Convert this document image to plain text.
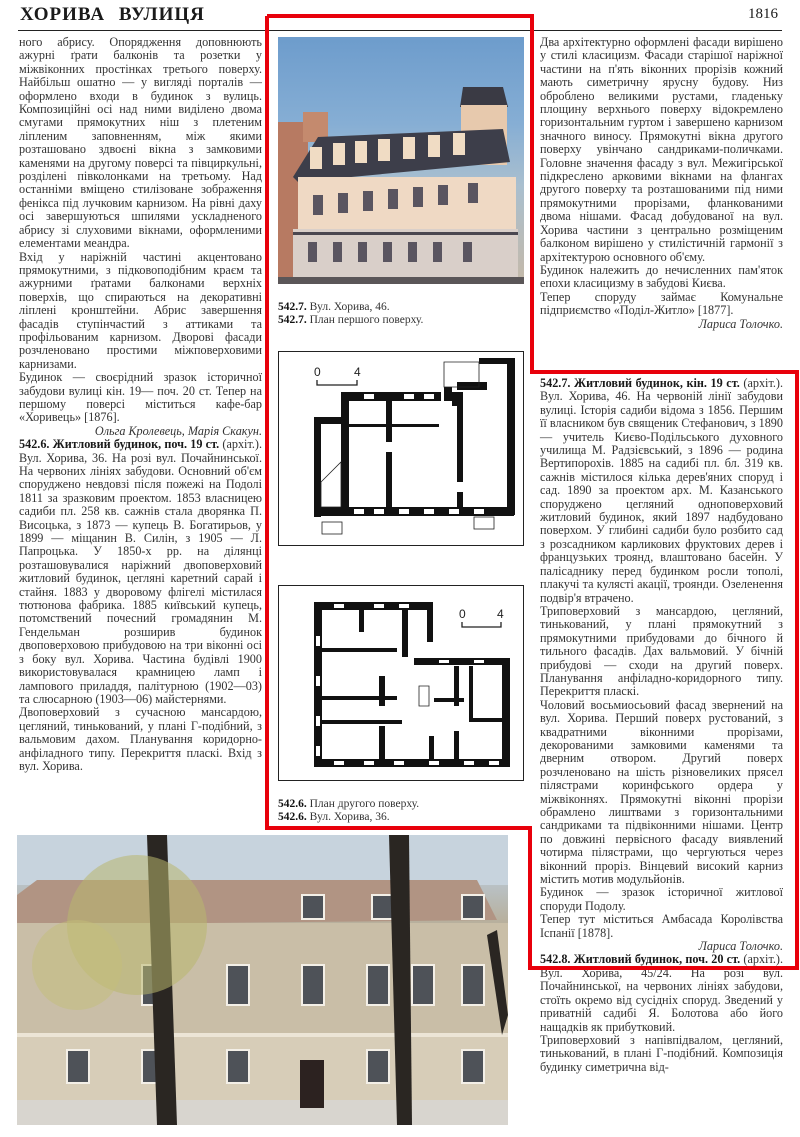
ХОРИВА ВУЛИЦЯ	1816

ного абрису. Опорядження доповнюють ажурні ґрати балконів та розетки у міжвіконних простінках третього поверху. Найбільш ошатно — у вигляді порталів — оформлено входи в будинок з вулиць. Композиційні осі над ними виділено двома смугами прямокутних ніш з плетеним ліпленим заповненням, між якими розташовано здвоєні вікна з замковими каменями на другому поверсі та півциркульні, розділені півколонками на третьому. Над останніми вміщено стилізоване зображення фенікса під лучковим карнизом. На рівні даху осі завершуються шпилями ускладненого абрису зі слуховими вікнами, оформленими елементами меандра.

Вхід у наріжній частині акцентовано прямокутними, з підковоподібним краєм та ажурними ґратами балконами верхніх поверхів, що спираються на декоративні ліплені кронштейни. Абрис завершення фасадів ступінчастий з аттиками та профільованим карнизом. Дворові фасади розчленовано простими міжповерховими карнизами.

Будинок — своєрідний зразок історичної забудови вулиці кін. 19— поч. 20 ст. Тепер на першому поверсі міститься кафе-бар «Хоривець» [1876].

Ольга Кролевець, Марія Скакун.

542.6. Житловий будинок, поч. 19 ст. (архіт.). Вул. Хорива, 36. На розі вул. Почайнинської. На червоних лініях забудови. Основний об'єм споруджено невдовзі після пожежі на Подолі 1811 за зразковим проектом. 1853 власницею садиби пл. 258 кв. сажнів стала дворянка П. Висоцька, з 1873 — купець В. Богатирьов, у 1899 — міщанин В. Силін, з 1905 — Л. Папроцька. У 1850-х рр. на ділянці розташовувалися наріжний двоповерховий житловий будинок, цегляні каретний сарай і стайня. 1883 у дворовому флігелі містилася тютюнова фабрика. 1885 київський купець, потомствений почесний громадянин М. Гендельман розширив будинок двоповерховою прибудовою на три віконні осі з боку вул. Хорива. Частина будівлі 1900 використовувалася крамницею ламп і лампового приладдя, палітурною (1902—03) та слюсарною (1903—06) майстернями.

Двоповерховий з сучасною мансардою, цегляний, тинькований, у плані Г-подібний, з вальмовим дахом. Планування коридорно-анфіладного типу. Перекриття пласкі. Вхід з вул. Хорива.

542.7. Вул. Хорива, 46.
542.7. План першого поверху.
0	4
0	4
542.6. План другого поверху.
542.6. Вул. Хорива, 36.

Два архітектурно оформлені фасади вирішено у стилі класицизм. Фасади старішої наріжної частини на п'ять віконних прорізів кожний мають симетричну ярусну будову. Низ оброблено великими рустами, гладеньку площину верхнього поверху відокремлено горизонтальним гуртом і завершено карнизом значного виносу. Прямокутні вікна другого поверху увінчано сандриками-поличками. Головне значення фасаду з вул. Межигірської підкреслено арковими вікнами на флангах другого поверху та розташованими під ними прямокутними прорізами, фланкованими двома нішами. Фасад добудованої на вул. Хорива частини з центрально розміщеним балконом вирішено у стилістичній гармонії з архітектурою основного об'єму.

Будинок належить до нечисленних пам'яток епохи класицизму в забудові Києва.

Тепер споруду займає Комунальне підприємство «Поділ-Житло» [1877].

Лариса Толочко.

542.7. Житловий будинок, кін. 19 ст. (архіт.). Вул. Хорива, 46. На червоній лінії забудови вулиці. Історія садиби відома з 1856. Першим її власником був священик Стефанович, з 1890 — учитель Києво-Подільського духовного училища М. Радзієвський, з 1896 — родина Вертипорохів. 1885 на садибі пл. бл. 319 кв. сажнів містилося кілька дерев'яних споруд і сад. 1890 за проектом арх. М. Казанського споруджено цегляний одноповерховий житловий будинок, який 1897 надбудовано поверхом. У глибині садиби було розбито сад з розсадником карликових фруктових дерев і французьких троянд, влаштовано басейн. У палісаднику перед будинком росли тополі, плакучі та кулясті акації, троянди. Озеленення подвір'я втрачено.

Триповерховий з мансардою, цегляний, тинькований, у плані прямокутний з прямокутними прибудовами до бічного й тильного фасадів. Дах вальмовий. У бічній прибудові — сходи на другий поверх. Планування анфіладно-коридорного типу. Перекриття пласкі.

Чоловий восьмиосьовий фасад звернений на вул. Хорива. Перший поверх рустований, з квадратними віконними прорізами, декорованими замковими каменями та дверним отвором. Другий поверх розчленовано на шість різновеликих прясел пілястрами коринфського ордера у міжвіконнях. Прямокутні віконні прорізи обрамлено лиштвами з горизонтальними сандриками та підвіконними нішами. Центр по довжині первісного фасаду виявлений чотирма пілястрами, що чергуються через віконний проріз. Вінцевий високий карниз містить мотив модульйонів.

Будинок — зразок історичної житлової споруди Подолу.

Тепер тут міститься Амбасада Королівства Іспанії [1878].

Лариса Толочко.

542.8. Житловий будинок, поч. 20 ст. (архіт.). Вул. Хорива, 45/24. На розі вул. Почайнинської, на червоних лініях забудови, стоїть окремо від сусідніх споруд. Зведений у приватній садибі Я. Болотова або його нащадків як прибутковий.

Триповерховий з напівпідвалом, цегляний, тинькований, в плані Г-подібний. Композиція будинку симетрична від-
